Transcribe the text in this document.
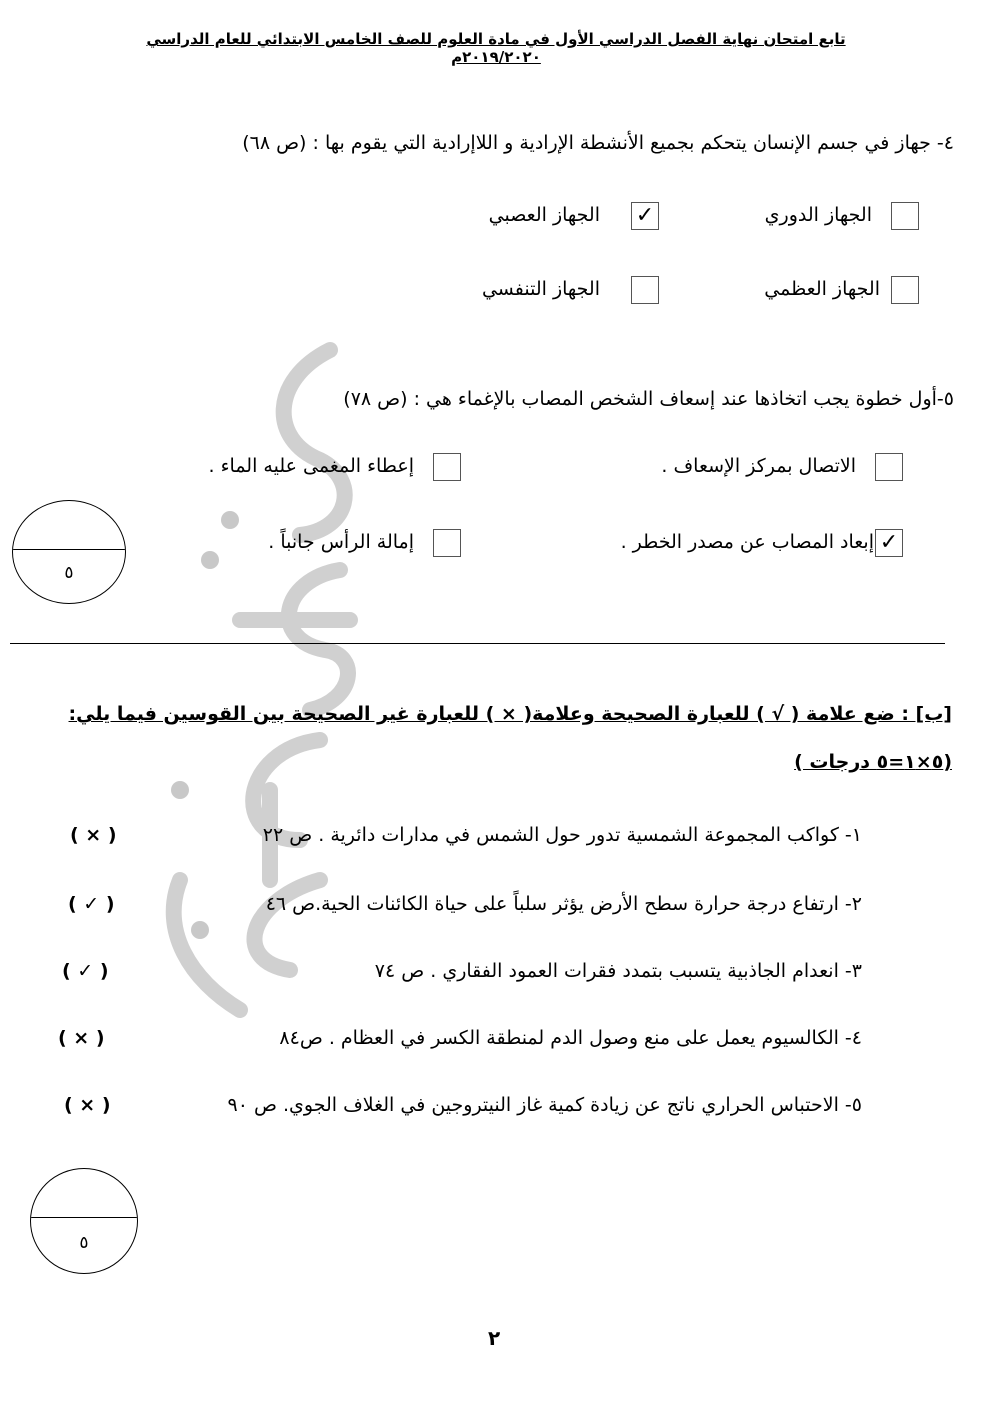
تابع امتحان نهاية الفصل الدراسي الأول في مادة العلوم للصف الخامس الابتدائي للعام الدراسي ٢٠١٩/٢٠٢٠م
٤- جهاز في جسم الإنسان يتحكم بجميع الأنشطة الإرادية و اللاإرادية التي يقوم بها : (ص ٦٨)
الجهاز الدوري
الجهاز العصبي ✓
الجهاز العظمي
الجهاز التنفسي
٥-أول خطوة يجب اتخاذها عند إسعاف الشخص المصاب بالإغماء هي : (ص ٧٨)
الاتصال بمركز الإسعاف .
إعطاء المغمى عليه الماء .
إبعاد المصاب عن مصدر الخطر . ✓
إمالة الرأس جانباً .
٥
[ب] : ضع علامة ( √ ) للعبارة الصحيحة وعلامة( × ) للعبارة غير الصحيحة بين القوسين فيما يلي:
(٥×١=٥ درجات )
١- كواكب المجموعة الشمسية تدور حول الشمس في مدارات دائرية . ص ٢٢
( × )
٢- ارتفاع درجة حرارة سطح الأرض يؤثر سلباً على حياة الكائنات الحية.ص ٤٦
( ✓ )
٣- انعدام الجاذبية يتسبب بتمدد فقرات العمود الفقاري . ص ٧٤
( ✓ )
٤- الكالسيوم يعمل على منع وصول الدم لمنطقة الكسر في العظام . ص٨٤
( × )
٥- الاحتباس الحراري ناتج عن زيادة كمية غاز النيتروجين في الغلاف الجوي. ص ٩٠
( × )
٥
٢
